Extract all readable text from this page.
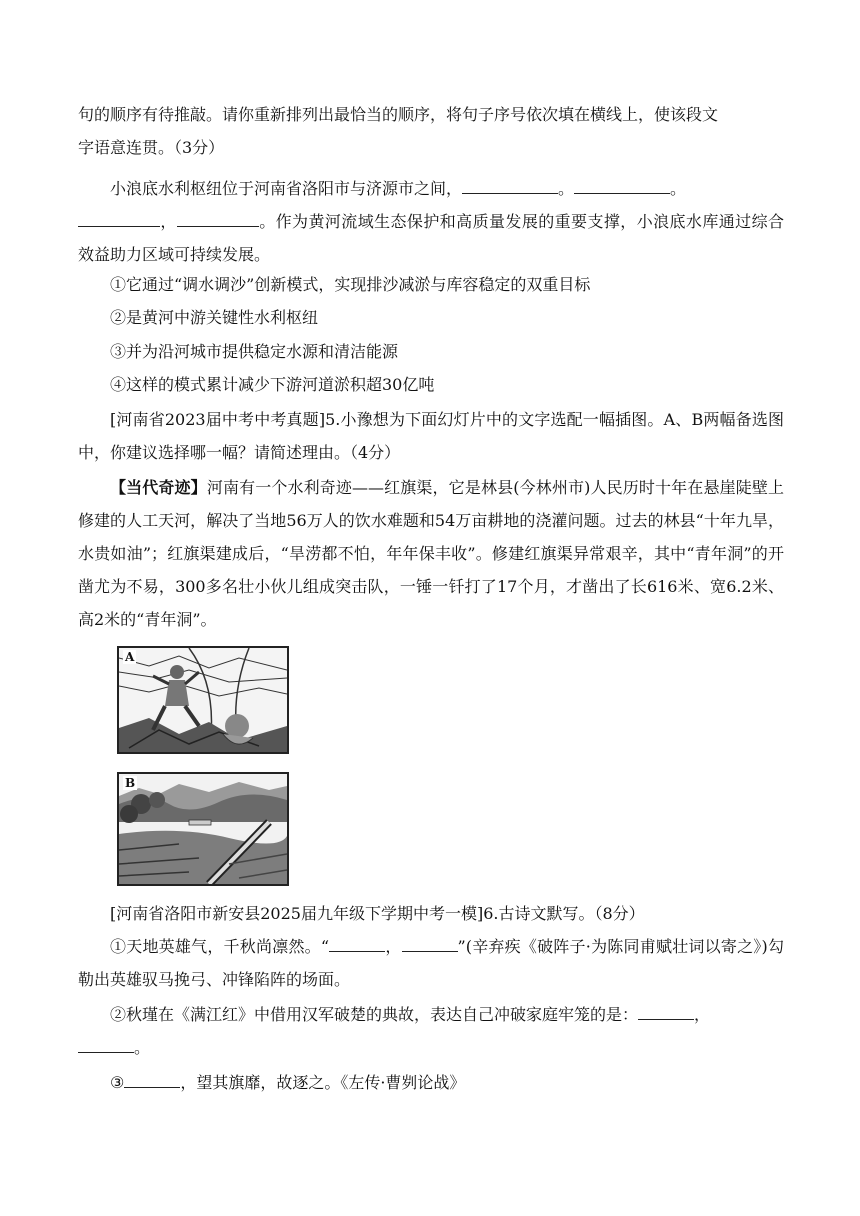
句的顺序有待推敲。请你重新排列出最恰当的顺序，将句子序号依次填在横线上，使该段文
字语意连贯。（3分）

小浪底水利枢纽位于河南省洛阳市与济源市之间，	。	。
，	。作为黄河流域生态保护和高质量发展的重要支撑，小浪底水库通过综合效益助力区域可持续发展。

①它通过“调水调沙”创新模式，实现排沙减淤与库容稳定的双重目标

②是黄河中游关键性水利枢纽

③并为沿河城市提供稳定水源和清洁能源

④这样的模式累计减少下游河道淤积超30亿吨

[河南省2023届中考中考真题]5.小豫想为下面幻灯片中的文字选配一幅插图。A、B两幅备选图中，你建议选择哪一幅？请简述理由。（4分）

【当代奇迹】河南有一个水利奇迹——红旗渠，它是林县(今林州市)人民历时十年在悬崖陡壁上修建的人工天河，解决了当地56万人的饮水难题和54万亩耕地的浇灌问题。过去的林县“十年九旱，水贵如油”；红旗渠建成后，“旱涝都不怕，年年保丰收”。修建红旗渠异常艰辛，其中“青年洞”的开凿尤为不易，300多名壮小伙儿组成突击队，一锤一钎打了17个月，才凿出了长616米、宽6.2米、高2米的“青年洞”。

A
B

[河南省洛阳市新安县2025届九年级下学期中考一模]6.古诗文默写。（8分）

①天地英雄气，千秋尚凛然。“	，	”(辛弃疾《破阵子·为陈同甫赋壮词以寄之》)勾勒出英雄驭马挽弓、冲锋陷阵的场面。

②秋瑾在《满江红》中借用汉军破楚的典故，表达自己冲破家庭牢笼的是：	，
。

③	，望其旗靡，故逐之。《左传·曹刿论战》
